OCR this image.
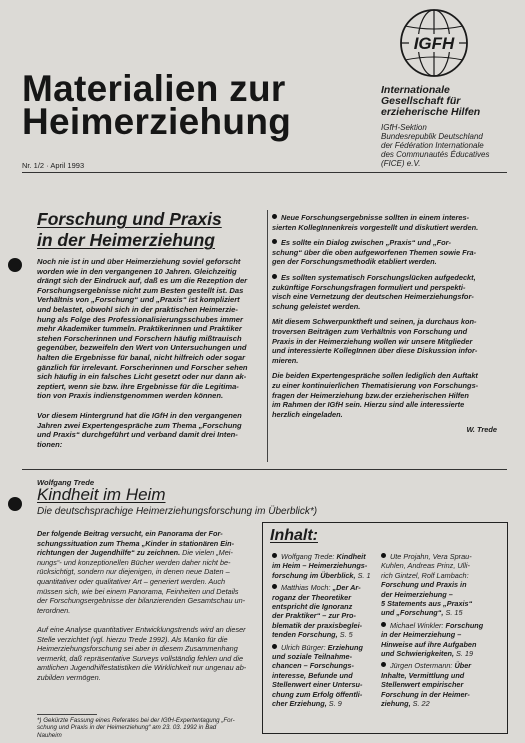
Materialien zur
Heimerziehung
Nr. 1/2 · April 1993
IGFH
Internationale
Gesellschaft für
erzieherische Hilfen
IGfH-Sektion
Bundesrepublik Deutschland
der Fédération Internationale
des Communautés Éducatives
(FICE) e.V.
Forschung und Praxis
in der Heimerziehung
Noch nie ist in und über Heimerziehung soviel geforscht
worden wie in den vergangenen 10 Jahren. Gleichzeitig
drängt sich der Eindruck auf, daß es um die Rezeption der
Forschungsergebnisse nicht zum Besten gestellt ist. Das
Verhältnis von „Forschung“ und „Praxis“ ist kompliziert
und belastet, obwohl sich in der praktischen Heimerzie-
hung als Folge des Professionalisierungsschubes immer
mehr Akademiker tummeln. Praktikerinnen und Praktiker
stehen Forscherinnen und Forschern häufig mißtrauisch
gegenüber, bezweifeln den Wert von Untersuchungen und
halten die Ergebnisse für banal, nicht hilfreich oder sogar
gänzlich für irrelevant. Forscherinnen und Forscher sehen
sich häufig in ein falsches Licht gesetzt oder nur dann ak-
zeptiert, wenn sie bzw. ihre Ergebnisse für die Legitima-
tion von Praxis indienstgenommen werden können.
Vor diesem Hintergrund hat die IGfH in den vergangenen
Jahren zwei Expertengespräche zum Thema „Forschung
und Praxis“ durchgeführt und verband damit drei Inten-
tionen:

Neue Forschungsergebnisse sollten in einem interes-
sierten KollegInnenkreis vorgestellt und diskutiert werden.

Es sollte ein Dialog zwischen „Praxis“ und „For-
schung“ über die oben aufgeworfenen Themen sowie Fra-
gen der Forschungsmethodik etabliert werden.

Es sollten systematisch Forschungslücken aufgedeckt,
zukünftige Forschungsfragen formuliert und perspekti-
visch eine Vernetzung der deutschen Heimerziehungsfor-
schung geleistet werden.

Mit diesem Schwerpunktheft und seinen, ja durchaus kon-
troversen Beiträgen zum Verhältnis von Forschung und
Praxis in der Heimerziehung wollen wir unsere Mitglieder
und interessierte KollegInnen über diese Diskussion infor-
mieren.

Die beiden Expertengespräche sollen lediglich den Auftakt
zu einer kontinuierlichen Thematisierung von Forschungs-
fragen der Heimerziehung bzw.der erzieherischen Hilfen
im Rahmen der IGfH sein. Hierzu sind alle interessierte
herzlich eingeladen.

W. Trede
Wolfgang Trede
Kindheit im Heim
Die deutschsprachige Heimerziehungsforschung im Überblick*)
Der folgende Beitrag versucht, ein Panorama der For-
schungssituation zum Thema „Kinder in stationären Ein-
richtungen der Jugendhilfe“ zu zeichnen. Die vielen „Mei-
nungs“- und konzeptionellen Bücher werden daher nicht be-
rücksichtigt, sondern nur diejenigen, in denen neue Daten –
quantitativer oder qualitativer Art – generiert werden. Auch
müssen sich, wie bei einem Panorama, Feinheiten und Details
der Forschungsergebnisse der bilanzierenden Gesamtschau un-
terordnen.
Auf eine Analyse quantitativer Entwicklungstrends wird an dieser
Stelle verzichtet (vgl. hierzu Trede 1992). Als Manko für die
Heimerziehungsforschung sei aber in diesem Zusammenhang
vermerkt, daß repräsentative Surveys vollständig fehlen und die
amtlichen Jugendhilfestatistiken die Wirklichkeit nur ungenau ab-
zubilden vermögen.
*) Gekürzte Fassung eines Referates bei der IGfH-Expertentagung „For-
schung und Praxis in der Heimerziehung“ am 23. 03. 1992 in Bad
Nauheim
Inhalt:

Wolfgang Trede: Kindheit
im Heim – Heimerziehungs-
forschung im Überblick, S. 1

Matthias Moch: „Der Ar-
roganz der Theoretiker
entspricht die Ignoranz
der Praktiker“ – zur Pro-
blematik der praxisbeglei-
tenden Forschung, S. 5

Ulrich Bürger: Erziehung
und soziale Teilnahme-
chancen – Forschungs-
interesse, Befunde und
Stellenwert einer Untersu-
chung zum Erfolg öffentli-
cher Erziehung, S. 9

Ute Projahn, Vera Sprau-
Kuhlen, Andreas Prinz, Ulli-
rich Gintzel, Rolf Lambach:
Forschung und Praxis in
der Heimerziehung –
5 Statements aus „Praxis“
und „Forschung“, S. 15

Michael Winkler: Forschung
in der Heimerziehung –
Hinweise auf ihre Aufgaben
und Schwierigkeiten, S. 19

Jürgen Ostermann: Über
Inhalte, Vermittlung und
Stellenwert empirischer
Forschung in der Heimer-
ziehung, S. 22
